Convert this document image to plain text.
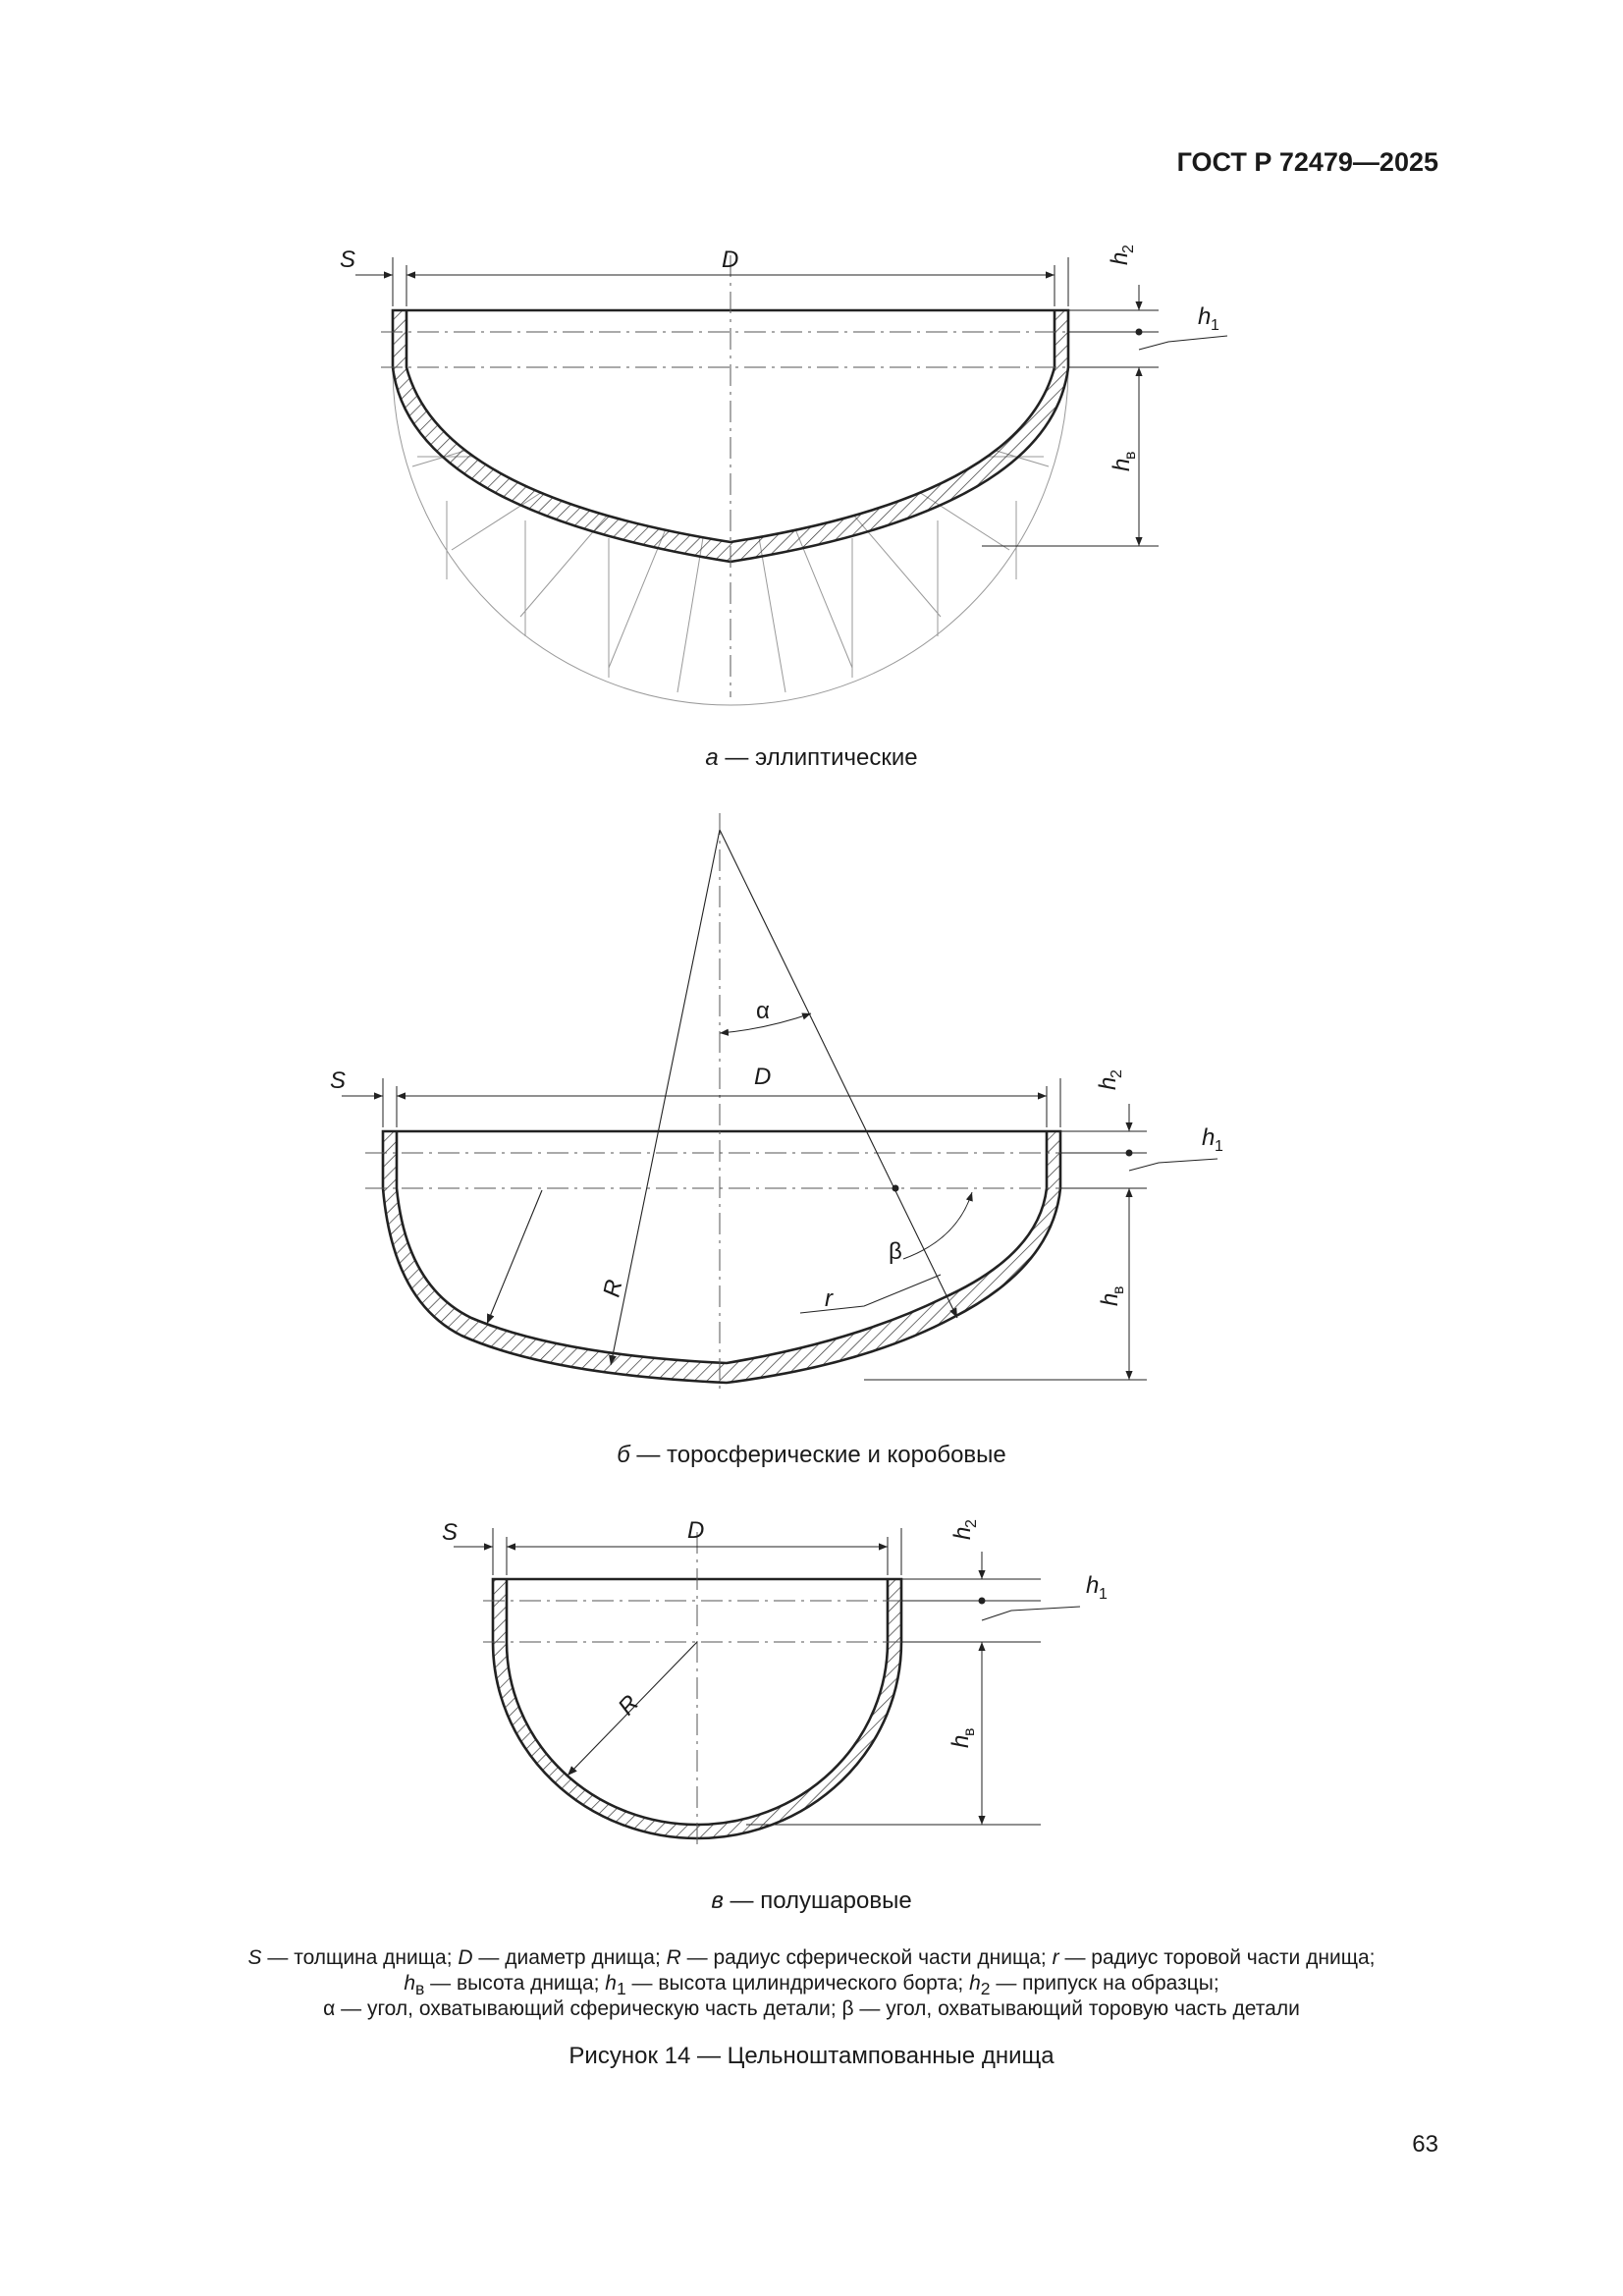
ГОСТ Р 72479—2025
S	D	h
2
h 1
h
в
S	D
α
β
r
R
h
2
h 1
h
в
S	D
R
h
2
h 1
h
в
а — эллиптические
б — торосферические и коробовые
в — полушаровые
S — толщина днища; D — диаметр днища; R — радиус сферической части днища; r — радиус торовой части днища;
$h_в$ — высота днища; $h_1$ — высота цилиндрического борта; $h_2$ — припуск на образцы;
α — угол, охватывающий сферическую часть детали; β — угол, охватывающий торовую часть детали
Рисунок 14 — Цельноштампованные днища
63
